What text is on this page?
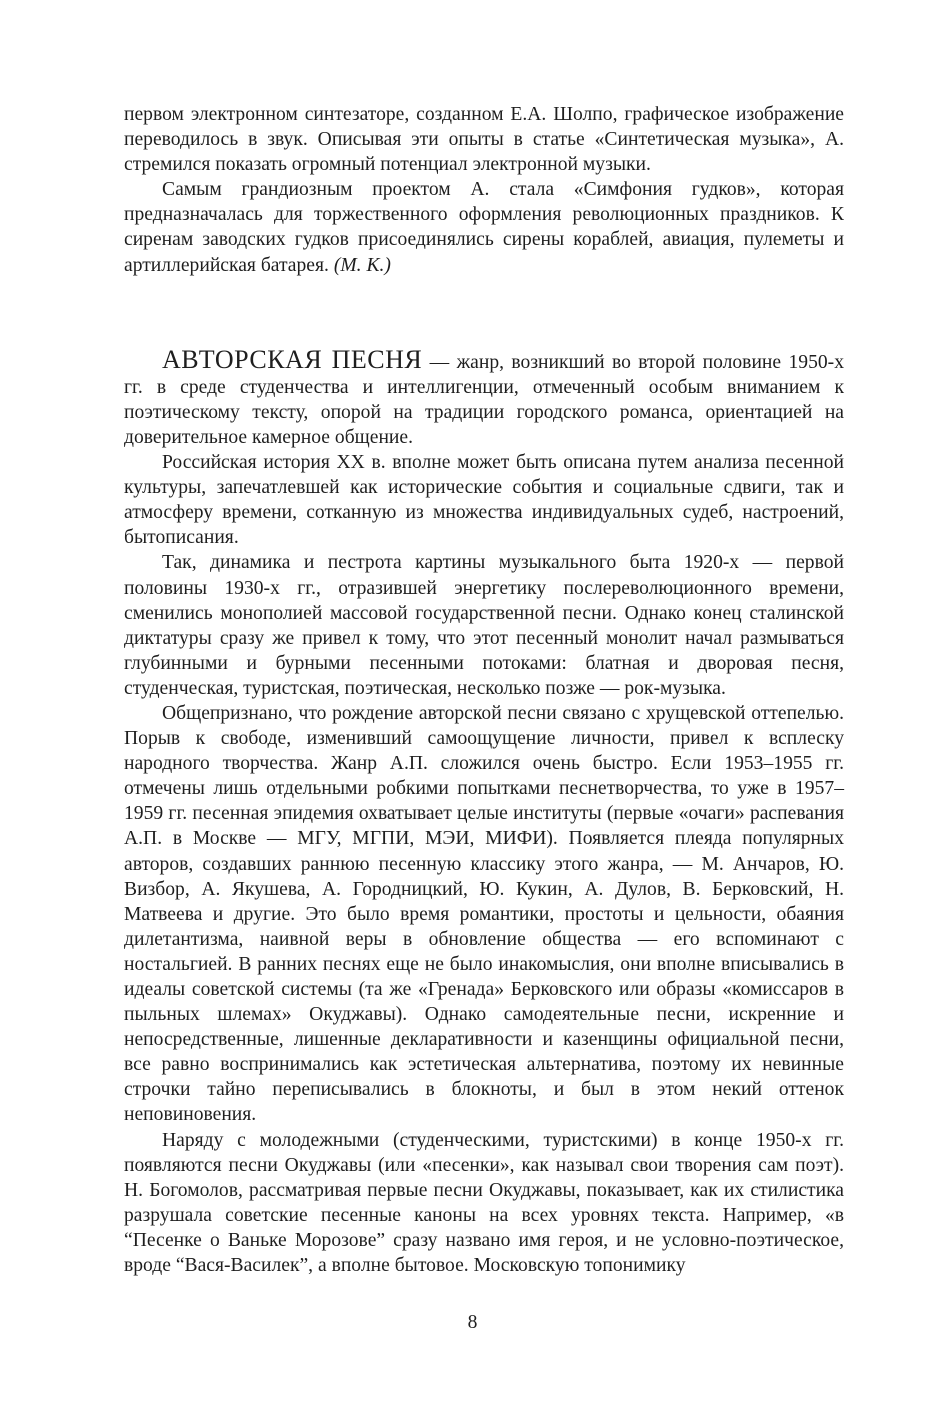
первом электронном синтезаторе, созданном Е.А. Шолпо, графическое изображение переводилось в звук. Описывая эти опыты в статье «Синтетическая музыка», А. стремился показать огромный потенциал электронной музыки.

Самым грандиозным проектом А. стала «Симфония гудков», которая предназначалась для торжественного оформления революционных праздников. К сиренам заводских гудков присоединялись сирены кораблей, авиация, пулеметы и артиллерийская батарея. (М. К.)

АВТОРСКАЯ ПЕСНЯ — жанр, возникший во второй половине 1950-х гг. в среде студенчества и интеллигенции, отмеченный особым вниманием к поэтическому тексту, опорой на традиции городского романса, ориентацией на доверительное камерное общение.

Российская история XX в. вполне может быть описана путем анализа песенной культуры, запечатлевшей как исторические события и социальные сдвиги, так и атмосферу времени, сотканную из множества индивидуальных судеб, настроений, бытописания.

Так, динамика и пестрота картины музыкального быта 1920-х — первой половины 1930-х гг., отразившей энергетику послереволюционного времени, сменились монополией массовой государственной песни. Однако конец сталинской диктатуры сразу же привел к тому, что этот песенный монолит начал размываться глубинными и бурными песенными потоками: блатная и дворовая песня, студенческая, туристская, поэтическая, несколько позже — рок-музыка.

Общепризнано, что рождение авторской песни связано с хрущевской оттепелью. Порыв к свободе, изменивший самоощущение личности, привел к всплеску народного творчества. Жанр А.П. сложился очень быстро. Если 1953–1955 гг. отмечены лишь отдельными робкими попытками песнетворчества, то уже в 1957–1959 гг. песенная эпидемия охватывает целые институты (первые «очаги» распевания А.П. в Москве — МГУ, МГПИ, МЭИ, МИФИ). Появляется плеяда популярных авторов, создавших раннюю песенную классику этого жанра, — М. Анчаров, Ю. Визбор, А. Якушева, А. Городницкий, Ю. Кукин, А. Дулов, В. Берковский, Н. Матвеева и другие. Это было время романтики, простоты и цельности, обаяния дилетантизма, наивной веры в обновление общества — его вспоминают с ностальгией. В ранних песнях еще не было инакомыслия, они вполне вписывались в идеалы советской системы (та же «Гренада» Берковского или образы «комиссаров в пыльных шлемах» Окуджавы). Однако самодеятельные песни, искренние и непосредственные, лишенные декларативности и казенщины официальной песни, все равно воспринимались как эстетическая альтернатива, поэтому их невинные строчки тайно переписывались в блокноты, и был в этом некий оттенок неповиновения.

Наряду с молодежными (студенческими, туристскими) в конце 1950-х гг. появляются песни Окуджавы (или «песенки», как называл свои творения сам поэт). Н. Богомолов, рассматривая первые песни Окуджавы, показывает, как их стилистика разрушала советские песенные каноны на всех уровнях текста. Например, «в “Песенке о Ваньке Морозове” сразу названо имя героя, и не условно-поэтическое, вроде “Вася-Василек”, а вполне бытовое. Московскую топонимику

8
